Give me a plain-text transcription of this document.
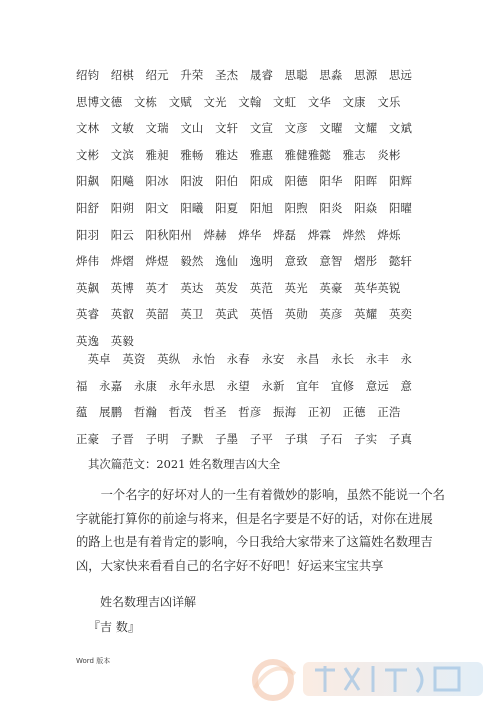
绍钧　绍棋　绍元　升荣　圣杰　晟睿　思聪　思淼　思源　思远
思博文德　文栋　文赋　文光　文翰　文虹　文华　文康　文乐
文林　文敏　文瑞　文山　文轩　文宣　文彦　文曜　文耀　文斌
文彬　文滨　雅昶　雅畅　雅达　雅惠　雅健雅懿　雅志　炎彬
阳飙　阳飚　阳冰　阳波　阳伯　阳成　阳德　阳华　阳晖　阳辉
阳舒　阳朔　阳文　阳曦　阳夏　阳旭　阳煦　阳炎　阳焱　阳曜
阳羽　阳云　阳秋阳州　烨赫　烨华　烨磊　烨霖　烨然　烨烁
烨伟　烨熠　烨煜　毅然　逸仙　逸明　意致　意智　熠彤　懿轩
英飙　英博　英才　英达　英发　英范　英光　英豪　英华英锐
英睿　英叡　英韶　英卫　英武　英悟　英勋　英彦　英耀　英奕
英逸　英毅
　英卓　英资　英纵　永怡　永春　永安　永昌　永长　永丰　永
福　永嘉　永康　永年永思　永望　永新　宜年　宜修　意远　意
蕴　展鹏　哲瀚　哲茂　哲圣　哲彦　振海　正初　正德　正浩
正豪　子晋　子明　子默　子墨　子平　子琪　子石　子实　子真
其次篇范文：2021 姓名数理吉凶大全
　　一个名字的好坏对人的一生有着微妙的影响，虽然不能说一个名
字就能打算你的前途与将来，但是名字要是不好的话，对你在进展
的路上也是有着肯定的影响，今日我给大家带来了这篇姓名数理吉
凶，大家快来看看自己的名字好不好吧！好运来宝宝共享
姓名数理吉凶详解
『吉 数』
Word 版本
